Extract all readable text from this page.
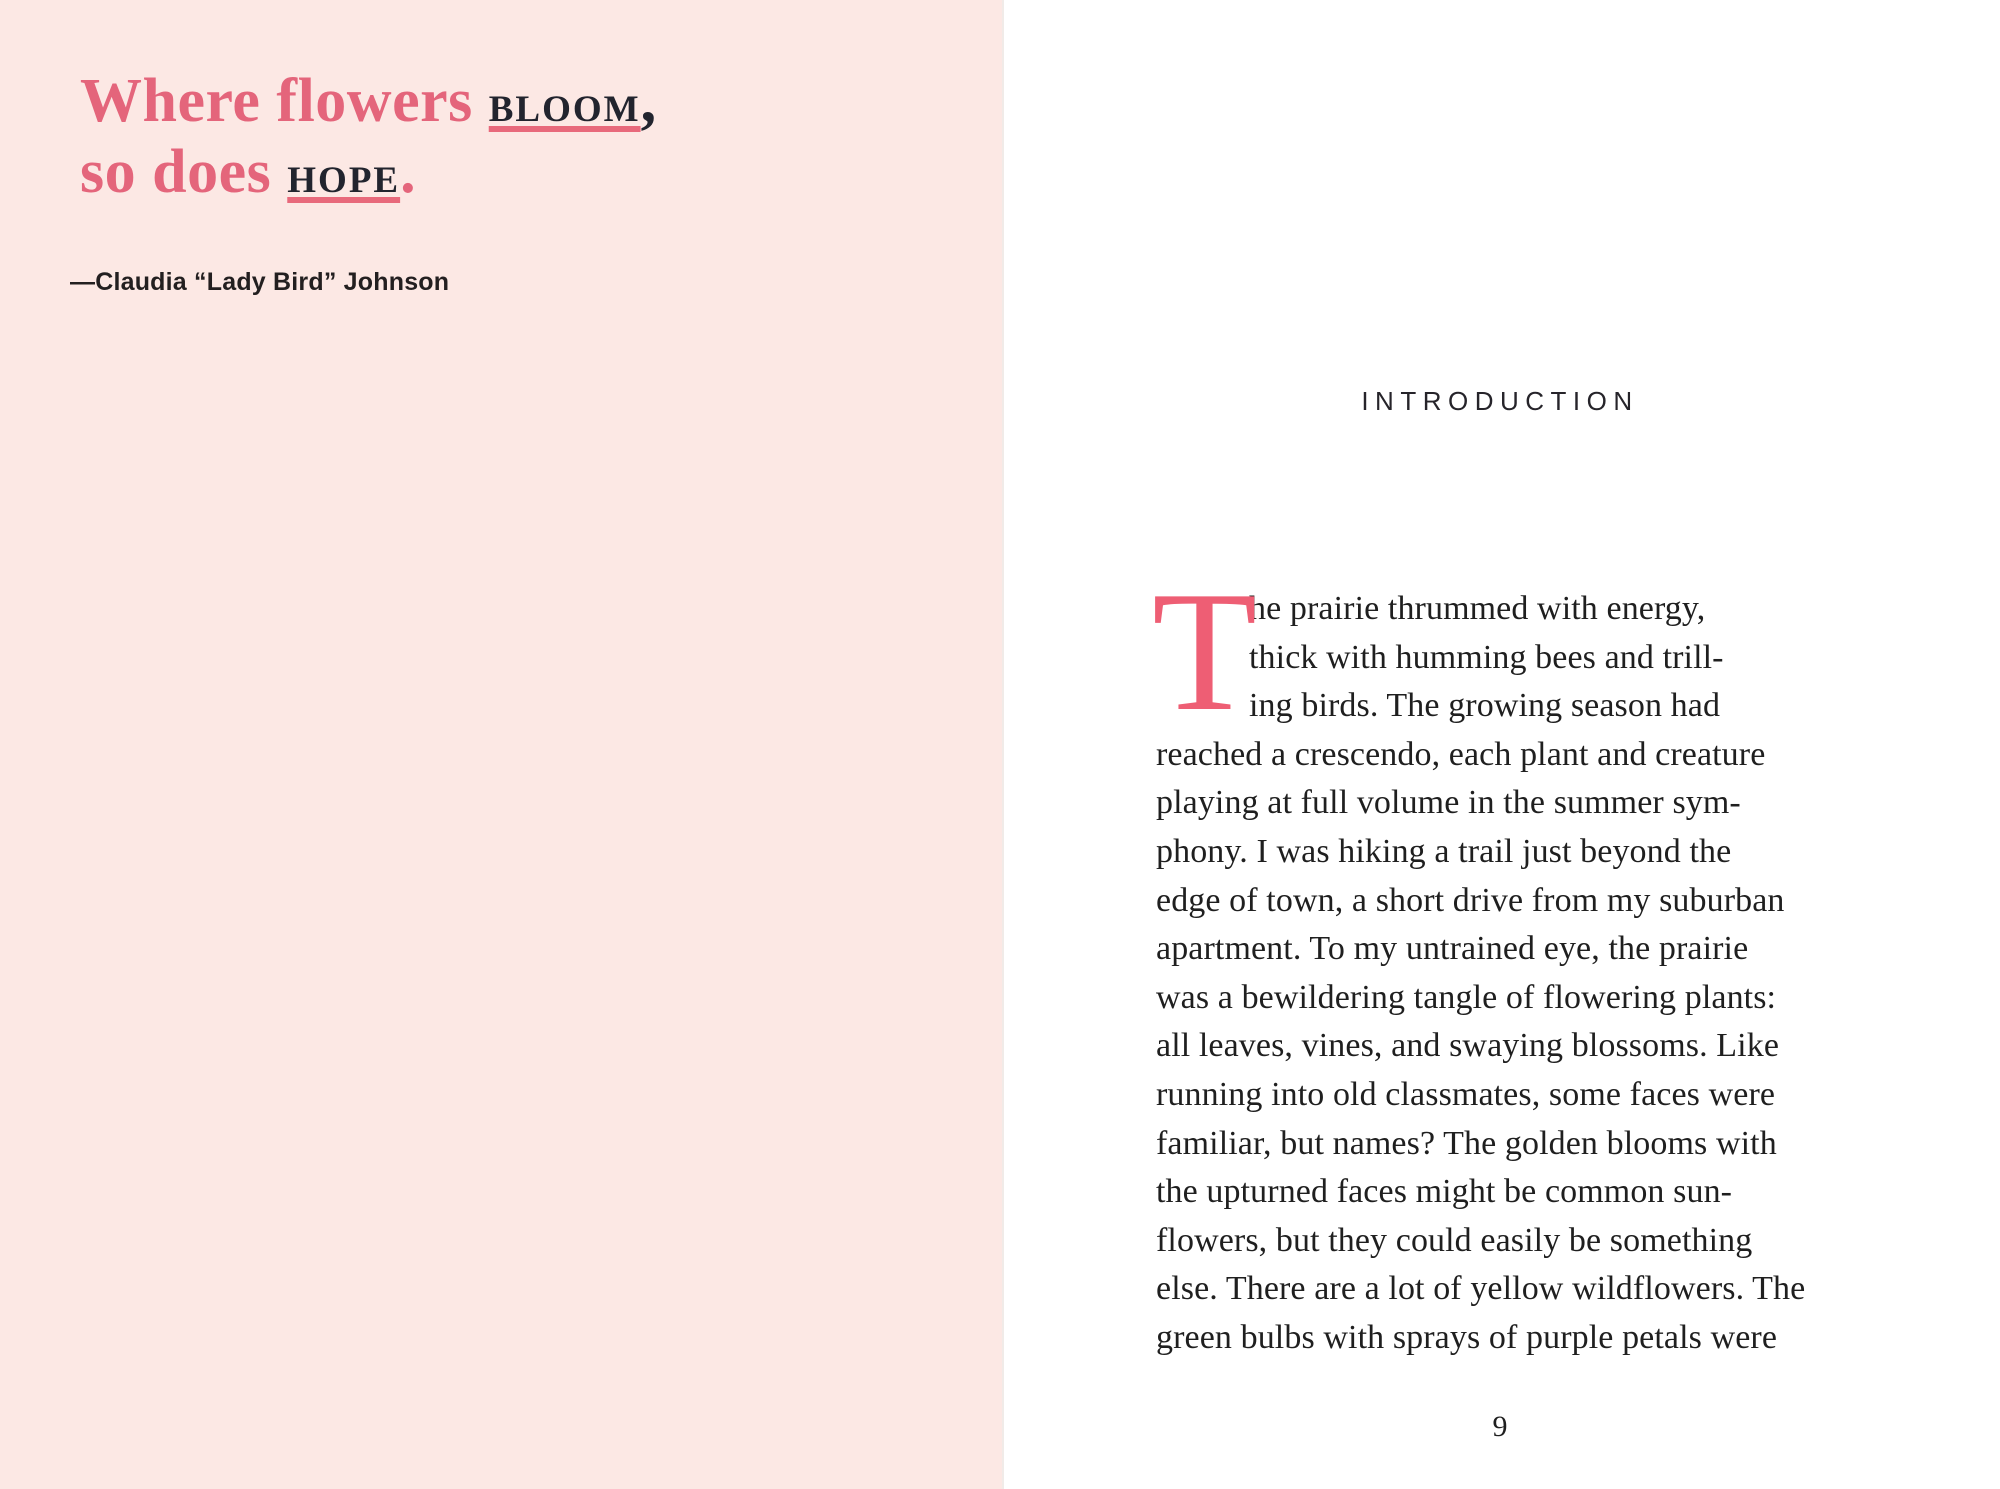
Where flowers BLOOM,
so does HOPE.

—Claudia “Lady Bird” Johnson

INTRODUCTION
T
he prairie thrummed with energy,
thick with humming bees and trill-
ing birds. The growing season had
reached a crescendo, each plant and creature
playing at full volume in the summer sym-
phony. I was hiking a trail just beyond the
edge of town, a short drive from my suburban
apartment. To my untrained eye, the prairie
was a bewildering tangle of flowering plants:
all leaves, vines, and swaying blossoms. Like
running into old classmates, some faces were
familiar, but names? The golden blooms with
the upturned faces might be common sun-
flowers, but they could easily be something
else. There are a lot of yellow wildflowers. The
green bulbs with sprays of purple petals were
9
